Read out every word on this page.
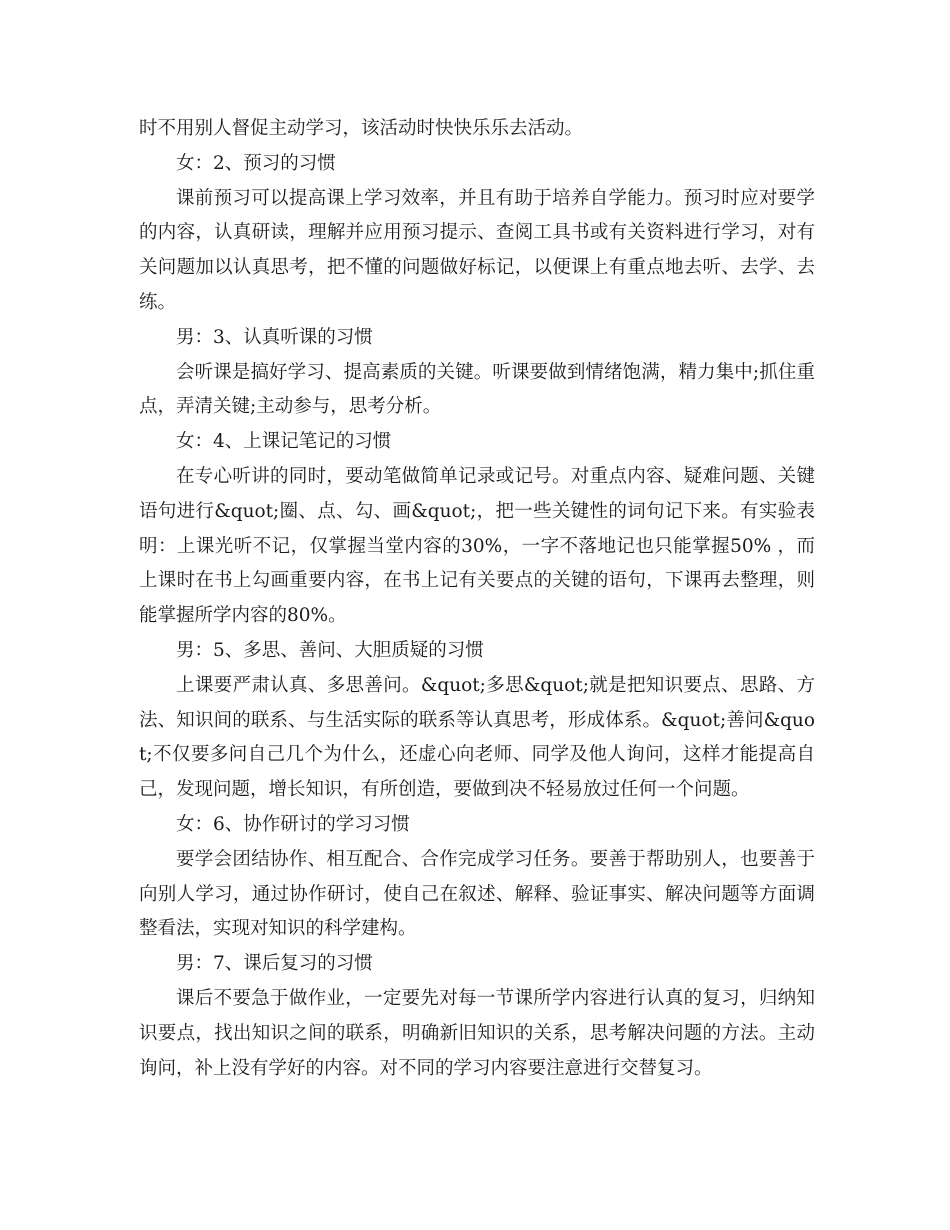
时不用别人督促主动学习，该活动时快快乐乐去活动。

女：2、预习的习惯

课前预习可以提高课上学习效率，并且有助于培养自学能力。预习时应对要学的内容，认真研读，理解并应用预习提示、查阅工具书或有关资料进行学习，对有关问题加以认真思考，把不懂的问题做好标记，以便课上有重点地去听、去学、去练。

男：3、认真听课的习惯

会听课是搞好学习、提高素质的关键。听课要做到情绪饱满，精力集中;抓住重点，弄清关键;主动参与，思考分析。

女：4、上课记笔记的习惯

在专心听讲的同时，要动笔做简单记录或记号。对重点内容、疑难问题、关键语句进行&quot;圈、点、勾、画&quot;，把一些关键性的词句记下来。有实验表明：上课光听不记，仅掌握当堂内容的30%，一字不落地记也只能掌握50% ，而上课时在书上勾画重要内容，在书上记有关要点的关键的语句，下课再去整理，则能掌握所学内容的80%。

男：5、多思、善问、大胆质疑的习惯

上课要严肃认真、多思善问。&quot;多思&quot;就是把知识要点、思路、方法、知识间的联系、与生活实际的联系等认真思考，形成体系。&quot;善问&quot;不仅要多问自己几个为什么，还虚心向老师、同学及他人询问，这样才能提高自己，发现问题，增长知识，有所创造，要做到决不轻易放过任何一个问题。

女：6、协作研讨的学习习惯

要学会团结协作、相互配合、合作完成学习任务。要善于帮助别人，也要善于向别人学习，通过协作研讨，使自己在叙述、解释、验证事实、解决问题等方面调整看法，实现对知识的科学建构。

男：7、课后复习的习惯

课后不要急于做作业，一定要先对每一节课所学内容进行认真的复习，归纳知识要点，找出知识之间的联系，明确新旧知识的关系，思考解决问题的方法。主动询问，补上没有学好的内容。对不同的学习内容要注意进行交替复习。
